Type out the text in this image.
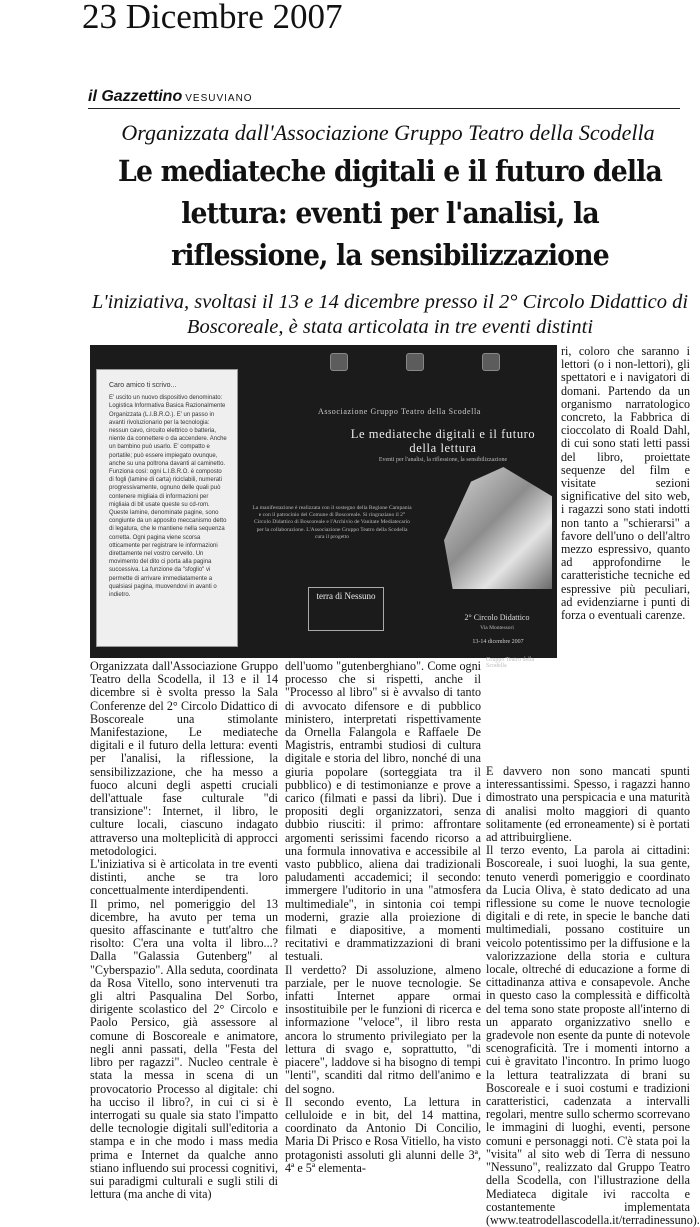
23 Dicembre 2007
il Gazzettino VESUVIANO
Organizzata dall'Associazione Gruppo Teatro della Scodella
Le mediateche digitali e il futuro della lettura: eventi per l'analisi, la riflessione, la sensibilizzazione
L'iniziativa, svoltasi il 13 e 14 dicembre presso il 2° Circolo Didattico di Boscoreale, è stata articolata in tre eventi distinti
Caro amico ti scrivo...
E' uscito un nuovo dispositivo denominato: Logistica Informativa Basica Razionalmente Organizzata (L.I.B.R.O.). E' un passo in avanti rivoluzionario per la tecnologia: nessun cavo, circuito elettrico o batteria, niente da connettere o da accendere. Anche un bambino può usarlo. E' compatto e portatile; può essere impiegato ovunque, anche su una poltrona davanti al caminetto. Funziona così: ogni L.I.B.R.O. è composto di fogli (lamine di carta) riciclabili, numerati progressivamente, ognuno delle quali può contenere migliaia di informazioni per migliaia di bit usate queste su cd-rom. Queste lamine, denominate pagine, sono congiunte da un apposito meccanismo detto di legatura, che le mantiene nella sequenza corretta. Ogni pagina viene scorsa otticamente per registrare le informazioni direttamente nel vostro cervello. Un movimento del dito ci porta alla pagina successiva. La funzione da "sfoglio" vi permette di arrivare immediatamente a qualsiasi pagina, muovendovi in avanti o indietro.
Associazione Gruppo Teatro della Scodella
Le mediateche digitali e il futuro della lettura
Eventi per l'analisi, la riflessione, la sensibilizzazione
La manifestazione è realizzata con il sostegno della Regione Campania e con il patrocinio del Comune di Boscoreale. Si ringraziano il 2° Circolo Didattico di Boscoreale e l'Archivio de Vanitate Mediatecario per la collaborazione. L'Associazione Gruppo Teatro della Scodella cura il progetto
terra di Nessuno
2° Circolo Didattico
Via Montessori
13-14 dicembre 2007
Gruppo Teatro della Scodella

ri, coloro che saranno i lettori (o i non-lettori), gli spettatori e i navigatori di domani. Partendo da un organismo narratologico concreto, la Fabbrica di cioccolato di Roald Dahl, di cui sono stati letti passi del libro, proiettate sequenze del film e visitate sezioni significative del sito web, i ragazzi sono stati indotti non tanto a "schierarsi" a favore dell'uno o dell'altro mezzo espressivo, quanto ad approfondirne le caratteristiche tecniche ed espressive più peculiari, ad evidenziarne i punti di forza o eventuali carenze.

Organizzata dall'Associazione Gruppo Teatro della Scodella, il 13 e il 14 dicembre si è svolta presso la Sala Conferenze del 2° Circolo Didattico di Boscoreale una stimolante Manifestazione, Le mediateche digitali e il futuro della lettura: eventi per l'analisi, la riflessione, la sensibilizzazione, che ha messo a fuoco alcuni degli aspetti cruciali dell'attuale fase culturale "di transizione": Internet, il libro, le culture locali, ciascuno indagato attraverso una molteplicità di approcci metodologici.

L'iniziativa si è articolata in tre eventi distinti, anche se tra loro concettualmente interdipendenti.

Il primo, nel pomeriggio del 13 dicembre, ha avuto per tema un quesito affascinante e tutt'altro che risolto: C'era una volta il libro...? Dalla "Galassia Gutenberg" al "Cyberspazio". Alla seduta, coordinata da Rosa Vitello, sono intervenuti tra gli altri Pasqualina Del Sorbo, dirigente scolastico del 2° Circolo e Paolo Persico, già assessore al comune di Boscoreale e animatore, negli anni passati, della "Festa del libro per ragazzi". Nucleo centrale è stata la messa in scena di un provocatorio Processo al digitale: chi ha ucciso il libro?, in cui ci si è interrogati su quale sia stato l'impatto delle tecnologie digitali sull'editoria a stampa e in che modo i mass media prima e Internet da qualche anno stiano influendo sui processi cognitivi, sui paradigmi culturali e sugli stili di lettura (ma anche di vita)

dell'uomo "gutenberghiano". Come ogni processo che si rispetti, anche il "Processo al libro" si è avvalso di tanto di avvocato difensore e di pubblico ministero, interpretati rispettivamente da Ornella Falangola e Raffaele De Magistris, entrambi studiosi di cultura digitale e storia del libro, nonché di una giuria popolare (sorteggiata tra il pubblico) e di testimonianze e prove a carico (filmati e passi da libri). Due i propositi degli organizzatori, senza dubbio riusciti: il primo: affrontare argomenti serissimi facendo ricorso a una formula innovativa e accessibile al vasto pubblico, aliena dai tradizionali paludamenti accademici; il secondo: immergere l'uditorio in una "atmosfera multimediale", in sintonia coi tempi moderni, grazie alla proiezione di filmati e diapositive, a momenti recitativi e drammatizzazioni di brani testuali.

Il verdetto? Di assoluzione, almeno parziale, per le nuove tecnologie. Se infatti Internet appare ormai insostituibile per le funzioni di ricerca e informazione "veloce", il libro resta ancora lo strumento privilegiato per la lettura di svago e, soprattutto, "di piacere", laddove si ha bisogno di tempi "lenti", scanditi dal ritmo dell'animo e del sogno.

Il secondo evento, La lettura in celluloide e in bit, del 14 mattina, coordinato da Antonio Di Concilio, Maria Di Prisco e Rosa Vitiello, ha visto protagonisti assoluti gli alunni delle 3ª, 4ª e 5ª elementa-

E davvero non sono mancati spunti interessantissimi. Spesso, i ragazzi hanno dimostrato una perspicacia e una maturità di analisi molto maggiori di quanto solitamente (ed erroneamente) si è portati ad attribuirgliene.

Il terzo evento, La parola ai cittadini: Boscoreale, i suoi luoghi, la sua gente, tenuto venerdì pomeriggio e coordinato da Lucia Oliva, è stato dedicato ad una riflessione su come le nuove tecnologie digitali e di rete, in specie le banche dati multimediali, possano costituire un veicolo potentissimo per la diffusione e la valorizzazione della storia e cultura locale, oltreché di educazione a forme di cittadinanza attiva e consapevole. Anche in questo caso la complessità e difficoltà del tema sono state proposte all'interno di un apparato organizzativo snello e gradevole non esente da punte di notevole scenograficità. Tre i momenti intorno a cui è gravitato l'incontro. In primo luogo la lettura teatralizzata di brani su Boscoreale e i suoi costumi e tradizioni caratteristici, cadenzata a intervalli regolari, mentre sullo schermo scorrevano le immagini di luoghi, eventi, persone comuni e personaggi noti. C'è stata poi la "visita" al sito web di Terra di nessuno "Nessuno", realizzato dal Gruppo Teatro della Scodella, con l'illustrazione della Mediateca digitale ivi raccolta e costantemente implementata (www.teatrodellascodella.it/terradinessuno).
